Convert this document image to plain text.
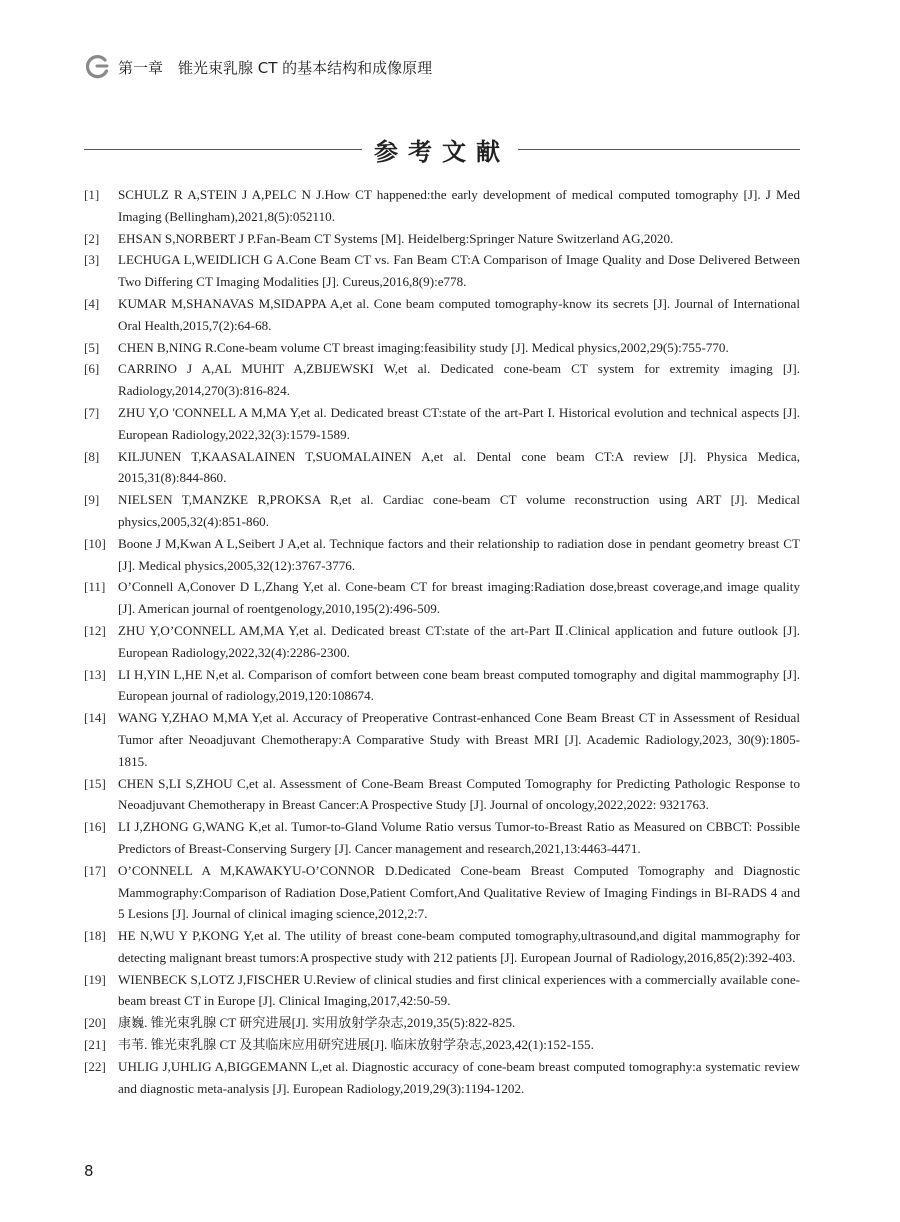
第一章　锥光束乳腺 CT 的基本结构和成像原理
参考文献
[1]	SCHULZ R A,STEIN J A,PELC N J.How CT happened:the early development of medical computed tomography [J]. J Med Imaging (Bellingham),2021,8(5):052110.
[2]	EHSAN S,NORBERT J P.Fan-Beam CT Systems [M]. Heidelberg:Springer Nature Switzerland AG,2020.
[3]	LECHUGA L,WEIDLICH G A.Cone Beam CT vs. Fan Beam CT:A Comparison of Image Quality and Dose Delivered Between Two Differing CT Imaging Modalities [J]. Cureus,2016,8(9):e778.
[4]	KUMAR M,SHANAVAS M,SIDAPPA A,et al. Cone beam computed tomography-know its secrets [J]. Journal of International Oral Health,2015,7(2):64-68.
[5]	CHEN B,NING R.Cone-beam volume CT breast imaging:feasibility study [J]. Medical physics,2002,29(5):755-770.
[6]	CARRINO J A,AL MUHIT A,ZBIJEWSKI W,et al. Dedicated cone-beam CT system for extremity imaging [J]. Radiology,2014,270(3):816-824.
[7]	ZHU Y,O 'CONNELL A M,MA Y,et al. Dedicated breast CT:state of the art-Part I. Historical evolution and technical aspects [J]. European Radiology,2022,32(3):1579-1589.
[8]	KILJUNEN T,KAASALAINEN T,SUOMALAINEN A,et al. Dental cone beam CT:A review [J]. Physica Medica, 2015,31(8):844-860.
[9]	NIELSEN T,MANZKE R,PROKSA R,et al. Cardiac cone-beam CT volume reconstruction using ART [J]. Medical physics,2005,32(4):851-860.
[10] Boone J M,Kwan A L,Seibert J A,et al. Technique factors and their relationship to radiation dose in pendant geometry breast CT [J]. Medical physics,2005,32(12):3767-3776.
[11] O’Connell A,Conover D L,Zhang Y,et al. Cone-beam CT for breast imaging:Radiation dose,breast coverage,and image quality [J]. American journal of roentgenology,2010,195(2):496-509.
[12] ZHU Y,O’CONNELL AM,MA Y,et al. Dedicated breast CT:state of the art-Part Ⅱ.Clinical application and future outlook [J]. European Radiology,2022,32(4):2286-2300.
[13] LI H,YIN L,HE N,et al. Comparison of comfort between cone beam breast computed tomography and digital mammography [J]. European journal of radiology,2019,120:108674.
[14] WANG Y,ZHAO M,MA Y,et al. Accuracy of Preoperative Contrast-enhanced Cone Beam Breast CT in Assessment of Residual Tumor after Neoadjuvant Chemotherapy:A Comparative Study with Breast MRI [J]. Academic Radiology,2023, 30(9):1805-1815.
[15] CHEN S,LI S,ZHOU C,et al. Assessment of Cone-Beam Breast Computed Tomography for Predicting Pathologic Response to Neoadjuvant Chemotherapy in Breast Cancer:A Prospective Study [J]. Journal of oncology,2022,2022: 9321763.
[16] LI J,ZHONG G,WANG K,et al. Tumor-to-Gland Volume Ratio versus Tumor-to-Breast Ratio as Measured on CBBCT: Possible Predictors of Breast-Conserving Surgery [J]. Cancer management and research,2021,13:4463-4471.
[17] O’CONNELL A M,KAWAKYU-O’CONNOR D.Dedicated Cone-beam Breast Computed Tomography and Diagnostic Mammography:Comparison of Radiation Dose,Patient Comfort,And Qualitative Review of Imaging Findings in BI-RADS 4 and 5 Lesions [J]. Journal of clinical imaging science,2012,2:7.
[18] HE N,WU Y P,KONG Y,et al. The utility of breast cone-beam computed tomography,ultrasound,and digital mammography for detecting malignant breast tumors:A prospective study with 212 patients [J]. European Journal of Radiology,2016,85(2):392-403.
[19] WIENBECK S,LOTZ J,FISCHER U.Review of clinical studies and first clinical experiences with a commercially available cone-beam breast CT in Europe [J]. Clinical Imaging,2017,42:50-59.
[20] 康巍. 锥光束乳腺 CT 研究进展[J]. 实用放射学杂志,2019,35(5):822-825.
[21] 韦苇. 锥光束乳腺 CT 及其临床应用研究进展[J]. 临床放射学杂志,2023,42(1):152-155.
[22] UHLIG J,UHLIG A,BIGGEMANN L,et al. Diagnostic accuracy of cone-beam breast computed tomography:a systematic review and diagnostic meta-analysis [J]. European Radiology,2019,29(3):1194-1202.
8
